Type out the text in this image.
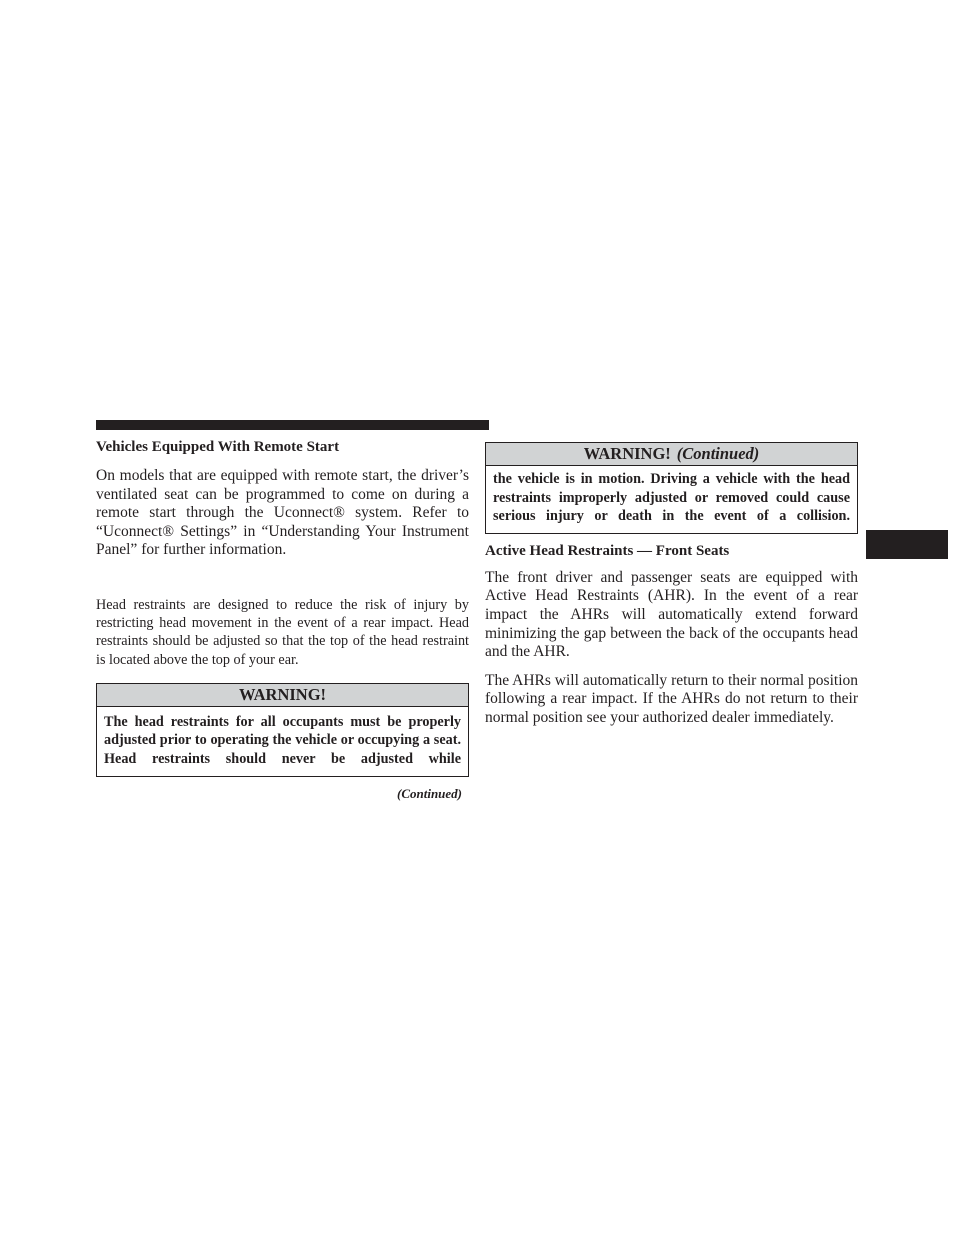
Vehicles Equipped With Remote Start

On models that are equipped with remote start, the driver’s ventilated seat can be programmed to come on during a remote start through the Uconnect® system. Refer to “Uconnect® Settings” in “Understanding Your Instrument Panel” for further information.

Head restraints are designed to reduce the risk of injury by restricting head movement in the event of a rear impact. Head restraints should be adjusted so that the top of the head restraint is located above the top of your ear.

WARNING!
The head restraints for all occupants must be properly adjusted prior to operating the vehicle or occupying a seat. Head restraints should never be adjusted while
(Continued)
WARNING! (Continued)
the vehicle is in motion. Driving a vehicle with the head restraints improperly adjusted or removed could cause serious injury or death in the event of a collision.

Active Head Restraints — Front Seats

The front driver and passenger seats are equipped with Active Head Restraints (AHR). In the event of a rear impact the AHRs will automatically extend forward minimizing the gap between the back of the occupants head and the AHR.

The AHRs will automatically return to their normal position following a rear impact. If the AHRs do not return to their normal position see your authorized dealer immediately.
